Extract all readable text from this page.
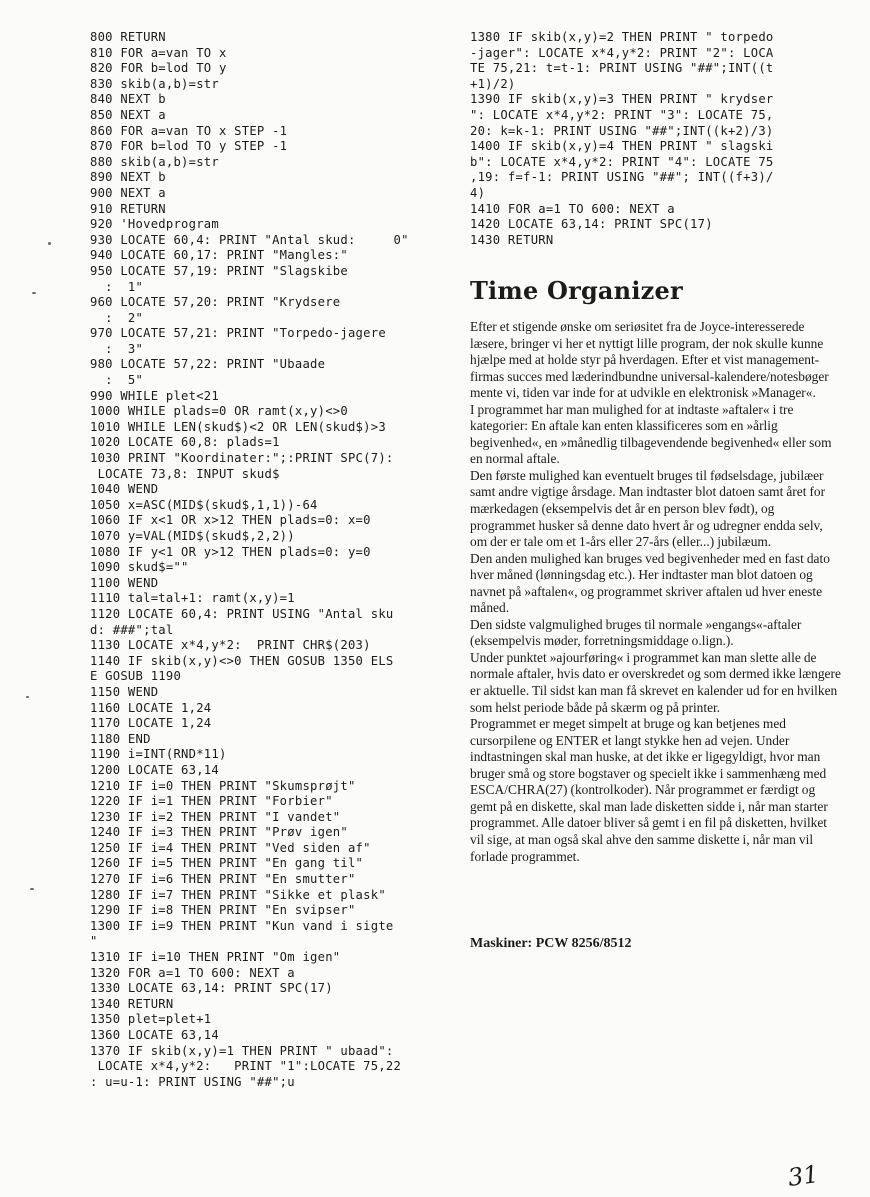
800 RETURN
810 FOR a=van TO x
820 FOR b=lod TO y
830 skib(a,b)=str
840 NEXT b
850 NEXT a
860 FOR a=van TO x STEP -1
870 FOR b=lod TO y STEP -1
880 skib(a,b)=str
890 NEXT b
900 NEXT a
910 RETURN
920 'Hovedprogram
930 LOCATE 60,4: PRINT "Antal skud:     0"
940 LOCATE 60,17: PRINT "Mangles:"
950 LOCATE 57,19: PRINT "Slagskibe
:  1"
960 LOCATE 57,20: PRINT "Krydsere
:  2"
970 LOCATE 57,21: PRINT "Torpedo-jagere
:  3"
980 LOCATE 57,22: PRINT "Ubaade
:  5"
990 WHILE plet<21
1000 WHILE plads=0 OR ramt(x,y)<>0
1010 WHILE LEN(skud$)<2 OR LEN(skud$)>3
1020 LOCATE 60,8: plads=1
1030 PRINT "Koordinater:";:PRINT SPC(7):
LOCATE 73,8: INPUT skud$
1040 WEND
1050 x=ASC(MID$(skud$,1,1))-64
1060 IF x<1 OR x>12 THEN plads=0: x=0
1070 y=VAL(MID$(skud$,2,2))
1080 IF y<1 OR y>12 THEN plads=0: y=0
1090 skud$=""
1100 WEND
1110 tal=tal+1: ramt(x,y)=1
1120 LOCATE 60,4: PRINT USING "Antal sku
d: ###";tal
1130 LOCATE x*4,y*2:  PRINT CHR$(203)
1140 IF skib(x,y)<>0 THEN GOSUB 1350 ELS
E GOSUB 1190
1150 WEND
1160 LOCATE 1,24
1170 LOCATE 1,24
1180 END
1190 i=INT(RND*11)
1200 LOCATE 63,14
1210 IF i=0 THEN PRINT "Skumsprøjt"
1220 IF i=1 THEN PRINT "Forbier"
1230 IF i=2 THEN PRINT "I vandet"
1240 IF i=3 THEN PRINT "Prøv igen"
1250 IF i=4 THEN PRINT "Ved siden af"
1260 IF i=5 THEN PRINT "En gang til"
1270 IF i=6 THEN PRINT "En smutter"
1280 IF i=7 THEN PRINT "Sikke et plask"
1290 IF i=8 THEN PRINT "En svipser"
1300 IF i=9 THEN PRINT "Kun vand i sigte
"
1310 IF i=10 THEN PRINT "Om igen"
1320 FOR a=1 TO 600: NEXT a
1330 LOCATE 63,14: PRINT SPC(17)
1340 RETURN
1350 plet=plet+1
1360 LOCATE 63,14
1370 IF skib(x,y)=1 THEN PRINT " ubaad":
LOCATE x*4,y*2:   PRINT "1":LOCATE 75,22
: u=u-1: PRINT USING "##";u
1380 IF skib(x,y)=2 THEN PRINT " torpedo
-jager": LOCATE x*4,y*2: PRINT "2": LOCA
TE 75,21: t=t-1: PRINT USING "##";INT((t
+1)/2)
1390 IF skib(x,y)=3 THEN PRINT " krydser
": LOCATE x*4,y*2: PRINT "3": LOCATE 75,
20: k=k-1: PRINT USING "##";INT((k+2)/3)
1400 IF skib(x,y)=4 THEN PRINT " slagski
b": LOCATE x*4,y*2: PRINT "4": LOCATE 75
,19: f=f-1: PRINT USING "##"; INT((f+3)/
4)
1410 FOR a=1 TO 600: NEXT a
1420 LOCATE 63,14: PRINT SPC(17)
1430 RETURN
Time Organizer

Efter et stigende ønske om seriøsitet fra de Joyce-interesserede læsere, bringer vi her et nyttigt lille program, der nok skulle kunne hjælpe med at holde styr på hverdagen. Efter et vist management-firmas succes med læderindbundne universal-kalendere/notesbøger mente vi, tiden var inde for at udvikle en elektronisk »Manager«.

I programmet har man mulighed for at indtaste »aftaler« i tre kategorier: En aftale kan enten klassificeres som en »årlig begivenhed«, en »månedlig tilbagevendende begivenhed« eller som en normal aftale.

Den første mulighed kan eventuelt bruges til fødselsdage, jubilæer samt andre vigtige årsdage. Man indtaster blot datoen samt året for mærkedagen (eksempelvis det år en person blev født), og programmet husker så denne dato hvert år og udregner endda selv, om der er tale om et 1-års eller 27-års (eller...) jubilæum.

Den anden mulighed kan bruges ved begivenheder med en fast dato hver måned (lønningsdag etc.). Her indtaster man blot datoen og navnet på »aftalen«, og programmet skriver aftalen ud hver eneste måned.

Den sidste valgmulighed bruges til normale »engangs«-aftaler (eksempelvis møder, forretningsmiddage o.lign.).

Under punktet »ajourføring« i programmet kan man slette alle de normale aftaler, hvis dato er overskredet og som dermed ikke længere er aktuelle. Til sidst kan man få skrevet en kalender ud for en hvilken som helst periode både på skærm og på printer.

Programmet er meget simpelt at bruge og kan betjenes med cursorpilene og ENTER et langt stykke hen ad vejen. Under indtastningen skal man huske, at det ikke er ligegyldigt, hvor man bruger små og store bogstaver og specielt ikke i sammenhæng med ESCA/CHRA(27) (kontrolkoder). Når programmet er færdigt og gemt på en diskette, skal man lade disketten sidde i, når man starter programmet. Alle datoer bliver så gemt i en fil på disketten, hvilket vil sige, at man også skal ahve den samme diskette i, når man vil forlade programmet.

Maskiner: PCW 8256/8512
31
